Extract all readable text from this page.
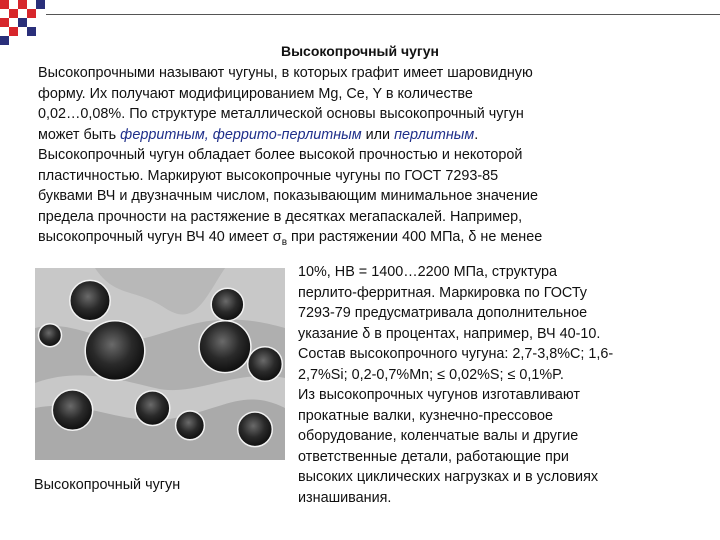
Высокопрочный чугун
Высокопрочными называют чугуны, в которых графит имеет шаровидную
форму. Их получают модифицированием Mg, Ce, Y в количестве
0,02…0,08%. По структуре металлической основы высокопрочный чугун
может быть ферритным, феррито-перлитным или перлитным.
Высокопрочный чугун обладает более высокой прочностью и некоторой
пластичностью. Маркируют высокопрочные чугуны по ГОСТ 7293-85
буквами ВЧ и двузначным числом, показывающим минимальное значение
предела прочности на растяжение в десятках мегапаскалей. Например,
высокопрочный чугун ВЧ 40 имеет $\sigma_в$ при растяжении 400 МПа, δ не менее
Высокопрочный чугун
10%, НВ = 1400…2200 МПа, структура
перлито-ферритная. Маркировка по ГОСТу
7293-79 предусматривала дополнительное
указание δ в процентах, например, ВЧ 40-10.
Состав высокопрочного чугуна: 2,7-3,8%С; 1,6-
2,7%Si; 0,2-0,7%Mn; ≤ 0,02%S; ≤ 0,1%P.
Из высокопрочных чугунов изготавливают
прокатные валки, кузнечно-прессовое
оборудование, коленчатые валы и другие
ответственные детали, работающие при
высоких циклических нагрузках и в условиях
изнашивания.
